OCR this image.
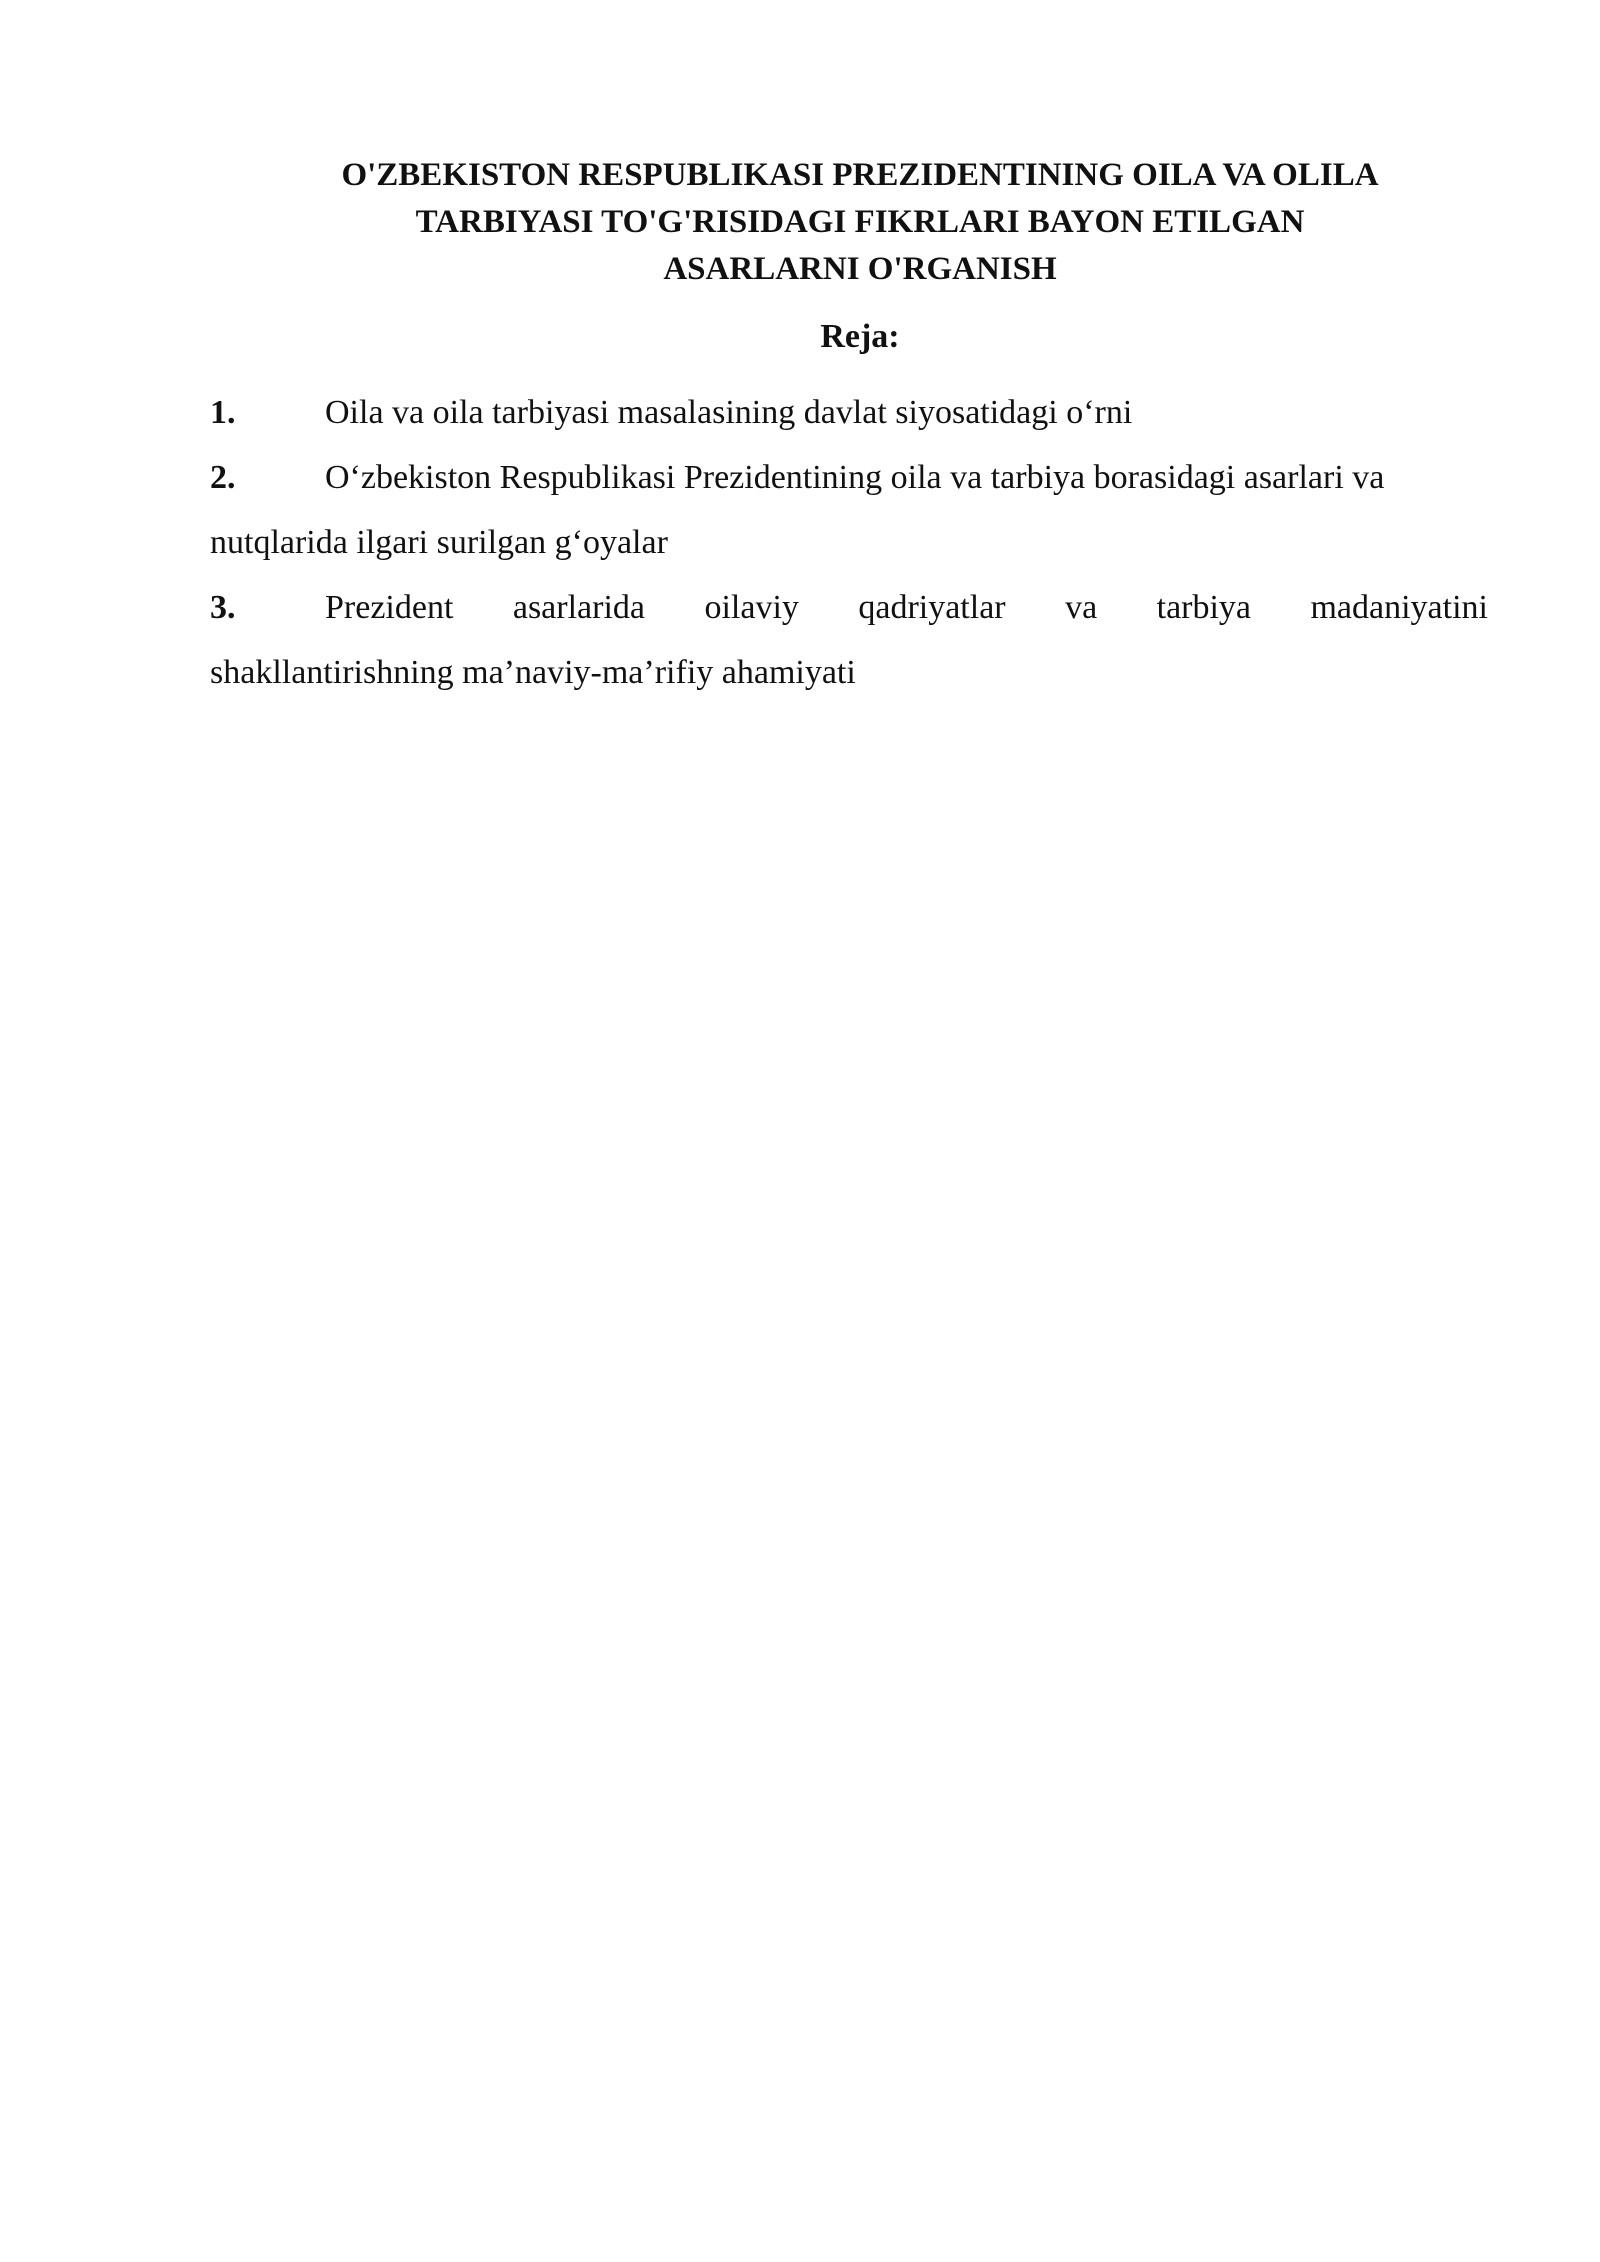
O'ZBEKISTON RESPUBLIKASI PREZIDENTINING OILA VA OLILA
TARBIYASI TO'G'RISIDAGI FIKRLARI BAYON ETILGAN
ASARLARNI O'RGANISH
Reja:
1.	Oila va oila tarbiyasi masalasining davlat siyosatidagi o‘rni
2.	O‘zbekiston Respublikasi Prezidentining oila va tarbiya borasidagi asarlari va
nutqlarida ilgari surilgan g‘oyalar
3.	Prezident asarlarida oilaviy qadriyatlar va tarbiya madaniyatini
shakllantirishning ma’naviy-ma’rifiy ahamiyati
